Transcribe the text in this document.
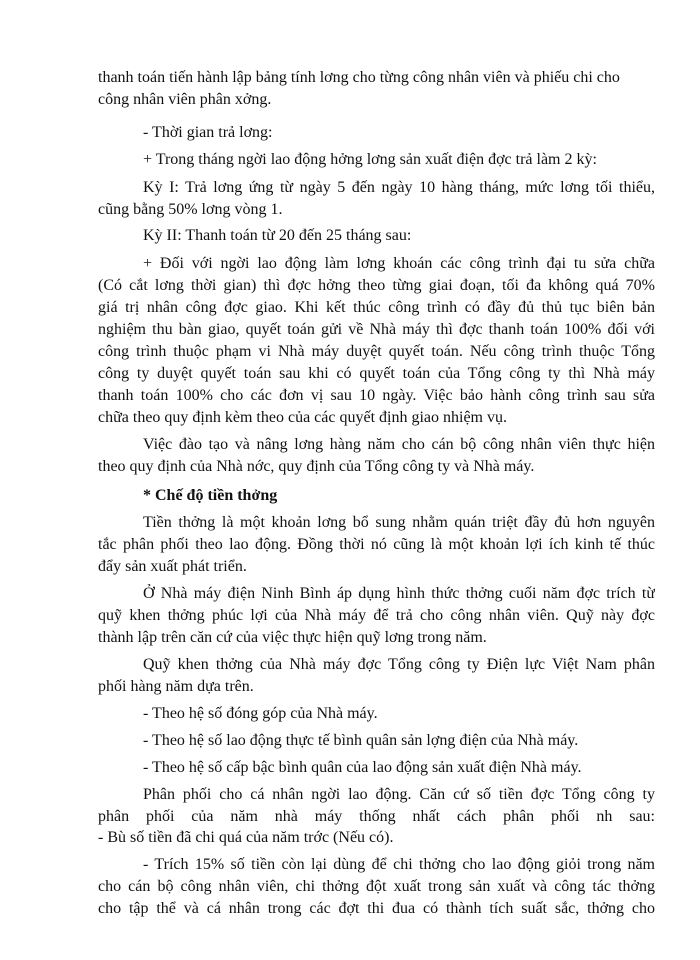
thanh toán tiến hành lập bảng tính lơng cho từng công nhân viên và phiếu chi cho

công nhân viên phân xởng.

- Thời gian trả lơng:

+ Trong tháng ngời lao động hởng lơng sản xuất điện đợc trả làm 2 kỳ:

Kỳ I: Trả lơng ứng từ ngày 5 đến ngày 10 hàng tháng, mức lơng tối thiểu,

cũng bằng 50% lơng vòng 1.

Kỳ II: Thanh toán từ 20 đến 25 tháng sau:

+ Đối với ngời lao động làm lơng khoán các công trình đại tu sửa chữa

(Có cắt lơng thời gian) thì đợc hởng theo từng giai đoạn, tối đa không quá 70%

giá trị nhân công đợc giao. Khi kết thúc công trình có đầy đủ thủ tục biên bản

nghiệm thu bàn giao, quyết toán gửi về Nhà máy thì đợc thanh toán 100% đối với

công trình thuộc phạm vi Nhà máy duyệt quyết toán. Nếu công trình thuộc Tổng

công ty duyệt quyết toán sau khi có quyết toán của Tổng công ty thì Nhà máy

thanh toán 100% cho các đơn vị sau 10 ngày. Việc bảo hành công trình sau sửa

chữa theo quy định kèm theo của các quyết định giao nhiệm vụ.

Việc đào tạo và nâng lơng hàng năm cho cán bộ công nhân viên thực hiện

theo quy định của Nhà nớc, quy định của Tổng công ty và Nhà máy.

* Chế độ tiền thởng

Tiền thởng là một khoản lơng bổ sung nhằm quán triệt đầy đủ hơn nguyên

tắc phân phối theo lao động. Đồng thời nó cũng là một khoản lợi ích kinh tế thúc

đẩy sản xuất phát triển.

Ở Nhà máy điện Ninh Bình áp dụng hình thức thởng cuối năm đợc trích từ

quỹ khen thởng phúc lợi của Nhà máy để trả cho công nhân viên. Quỹ này đợc

thành lập trên căn cứ của việc thực hiện quỹ lơng trong năm.

Quỹ khen thởng của Nhà máy đợc Tổng công ty Điện lực Việt Nam phân

phối hàng năm dựa trên.

- Theo hệ số đóng góp của Nhà máy.

- Theo hệ số lao động thực tế bình quân sản lợng điện của Nhà máy.

- Theo hệ số cấp bậc bình quân của lao động sản xuất điện Nhà máy.

Phân phối cho cá nhân ngời lao động. Căn cứ số tiền đợc Tổng công ty

phân phối của năm nhà máy thống nhất cách phân phối nh sau:

- Bù số tiền đã chi quá của năm trớc (Nếu có).

- Trích 15% số tiền còn lại dùng để chi thởng cho lao động giỏi trong năm

cho cán bộ công nhân viên, chi thởng đột xuất trong sản xuất và công tác thởng

cho tập thể và cá nhân trong các đợt thi đua có thành tích suất sắc, thởng cho
